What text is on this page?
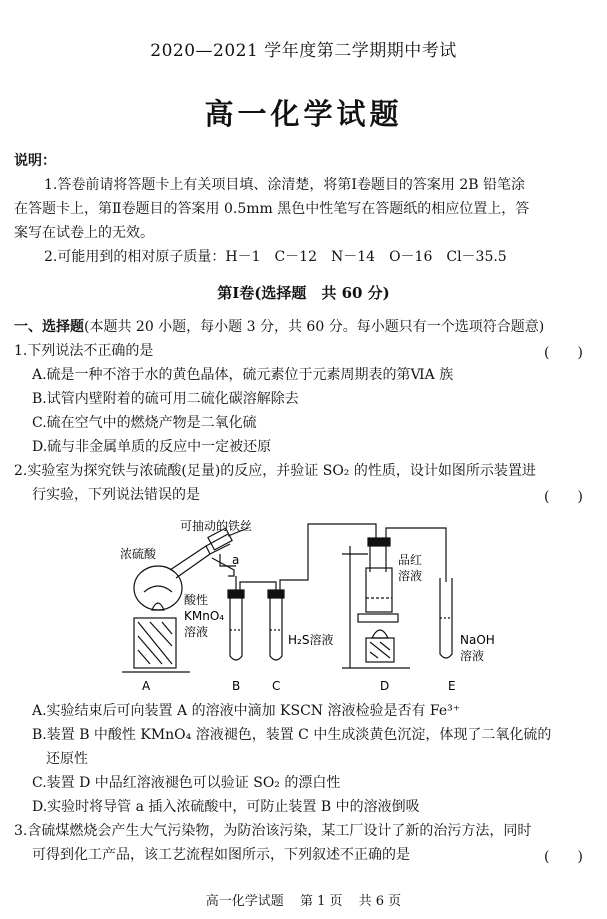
2020—2021 学年度第二学期期中考试
高一化学试题
说明：
1.答卷前请将答题卡上有关项目填、涂清楚，将第Ⅰ卷题目的答案用 2B 铅笔涂
在答题卡上，第Ⅱ卷题目的答案用 0.5mm 黑色中性笔写在答题纸的相应位置上，答
案写在试卷上的无效。
2.可能用到的相对原子质量：H－1　C－12　N－14　O－16　Cl－35.5
第Ⅰ卷(选择题　共 60 分)
一、选择题(本题共 20 小题，每小题 3 分，共 60 分。每小题只有一个选项符合题意)
1.下列说法不正确的是	(　　)
A.硫是一种不溶于水的黄色晶体，硫元素位于元素周期表的第ⅥA 族
B.试管内壁附着的硫可用二硫化碳溶解除去
C.硫在空气中的燃烧产物是二氧化硫
D.硫与非金属单质的反应中一定被还原
2.实验室为探究铁与浓硫酸(足量)的反应，并验证 SO₂ 的性质，设计如图所示装置进
行实验，下列说法错误的是	(　　)
可抽动的铁丝
浓硫酸	a
酸性
KMnO₄
溶液
H₂S溶液
品红
溶液
NaOH
溶液
A	B	C	D	E
A.实验结束后可向装置 A 的溶液中滴加 KSCN 溶液检验是否有 Fe³⁺
B.装置 B 中酸性 KMnO₄ 溶液褪色，装置 C 中生成淡黄色沉淀，体现了二氧化硫的
　还原性
C.装置 D 中品红溶液褪色可以验证 SO₂ 的漂白性
D.实验时将导管 a 插入浓硫酸中，可防止装置 B 中的溶液倒吸
3.含硫煤燃烧会产生大气污染物，为防治该污染，某工厂设计了新的治污方法，同时
可得到化工产品，该工艺流程如图所示，下列叙述不正确的是	(　　)
高一化学试题 第 1 页 共 6 页
